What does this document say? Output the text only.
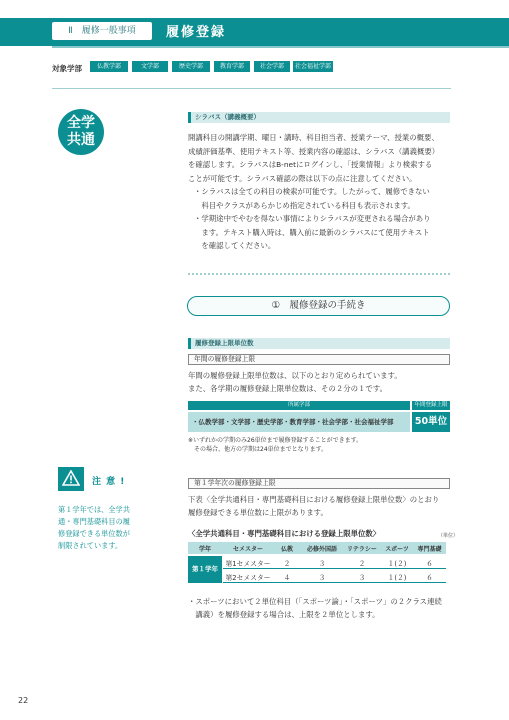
Ⅱ　履修一般事項	履修登録
対象学部	仏教学部	文学部	歴史学部	教育学部	社会学部	社会福祉学部
全学
共通
シラバス（講義概要）
開講科目の開講学期、曜日・講時、科目担当者、授業テーマ、授業の概要、
成績評価基準、使用テキスト等、授業内容の確認は、シラバス（講義概要）
を確認します。シラバスはB-netにログインし、「授業情報」より検索する
ことが可能です。シラバス確認の際は以下の点に注意してください。
・シラバスは全ての科目の検索が可能です。したがって、履修できない
　科目やクラスがあらかじめ指定されている科目も表示されます。
・学期途中でやむを得ない事情によりシラバスが変更される場合があり
　ます。テキスト購入時は、購入前に最新のシラバスにて使用テキスト
　を確認してください。
①　履修登録の手続き
履修登録上限単位数
年間の履修登録上限
年間の履修登録上限単位数は、以下のとおり定められています。
また、各学期の履修登録上限単位数は、その２分の１です。
所属学部	年間登録上限
・仏教学部・文学部・歴史学部・教育学部・社会学部・社会福祉学部	50単位
※いずれかの学期のみ26単位まで履修登録することができます。
　その場合、他方の学期は24単位までとなります。
注 意 !
第１学年では、全学共
通・専門基礎科目の履
修登録できる単位数が
制限されています。
第１学年次の履修登録上限
下表〈全学共通科目・専門基礎科目における履修登録上限単位数〉のとおり
履修登録できる単位数に上限があります。
〈全学共通科目・専門基礎科目における登録上限単位数〉	（単位）
学年	セメスター	仏教	必修外国語	リテラシー	スポーツ	専門基礎
第１学年
第1セメスター	２	３	２	１(２)	６
第2セメスター	４	３	３	１(２)	６
・スポーツにおいて２単位科目（「スポーツ論」・「スポーツ」の２クラス連続
　講義）を履修登録する場合は、上限を２単位とします。
22
